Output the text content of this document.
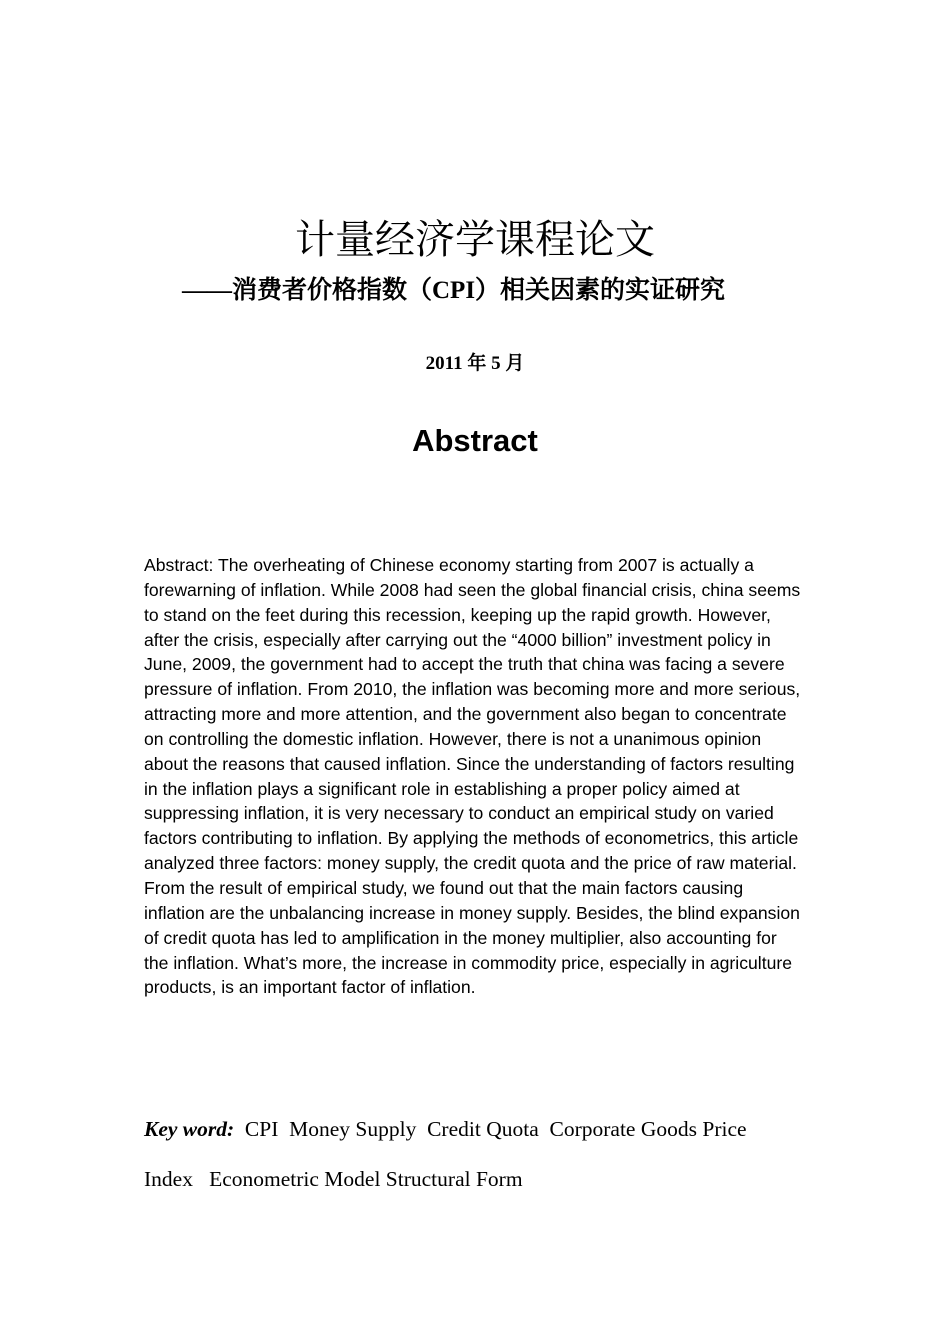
计量经济学课程论文
——消费者价格指数（CPI）相关因素的实证研究

2011 年 5 月

Abstract

Abstract: The overheating of Chinese economy starting from 2007 is actually a forewarning of inflation. While 2008 had seen the global financial crisis, china seems to stand on the feet during this recession, keeping up the rapid growth. However, after the crisis, especially after carrying out the “4000 billion” investment policy in June, 2009, the government had to accept the truth that china was facing a severe pressure of inflation. From 2010, the inflation was becoming more and more serious, attracting more and more attention, and the government also began to concentrate on controlling the domestic inflation. However, there is not a unanimous opinion about the reasons that caused inflation. Since the understanding of factors resulting in the inflation plays a significant role in establishing a proper policy aimed at suppressing inflation, it is very necessary to conduct an empirical study on varied factors contributing to inflation. By applying the methods of econometrics, this article analyzed three factors: money supply, the credit quota and the price of raw material. From the result of empirical study, we found out that the main factors causing inflation are the unbalancing increase in money supply. Besides, the blind expansion of credit quota has led to amplification in the money multiplier, also accounting for the inflation. What’s more, the increase in commodity price, especially in agriculture products, is an important factor of inflation.

Key word:  CPI  Money Supply  Credit Quota  Corporate Goods Price Index   Econometric Model Structural Form
